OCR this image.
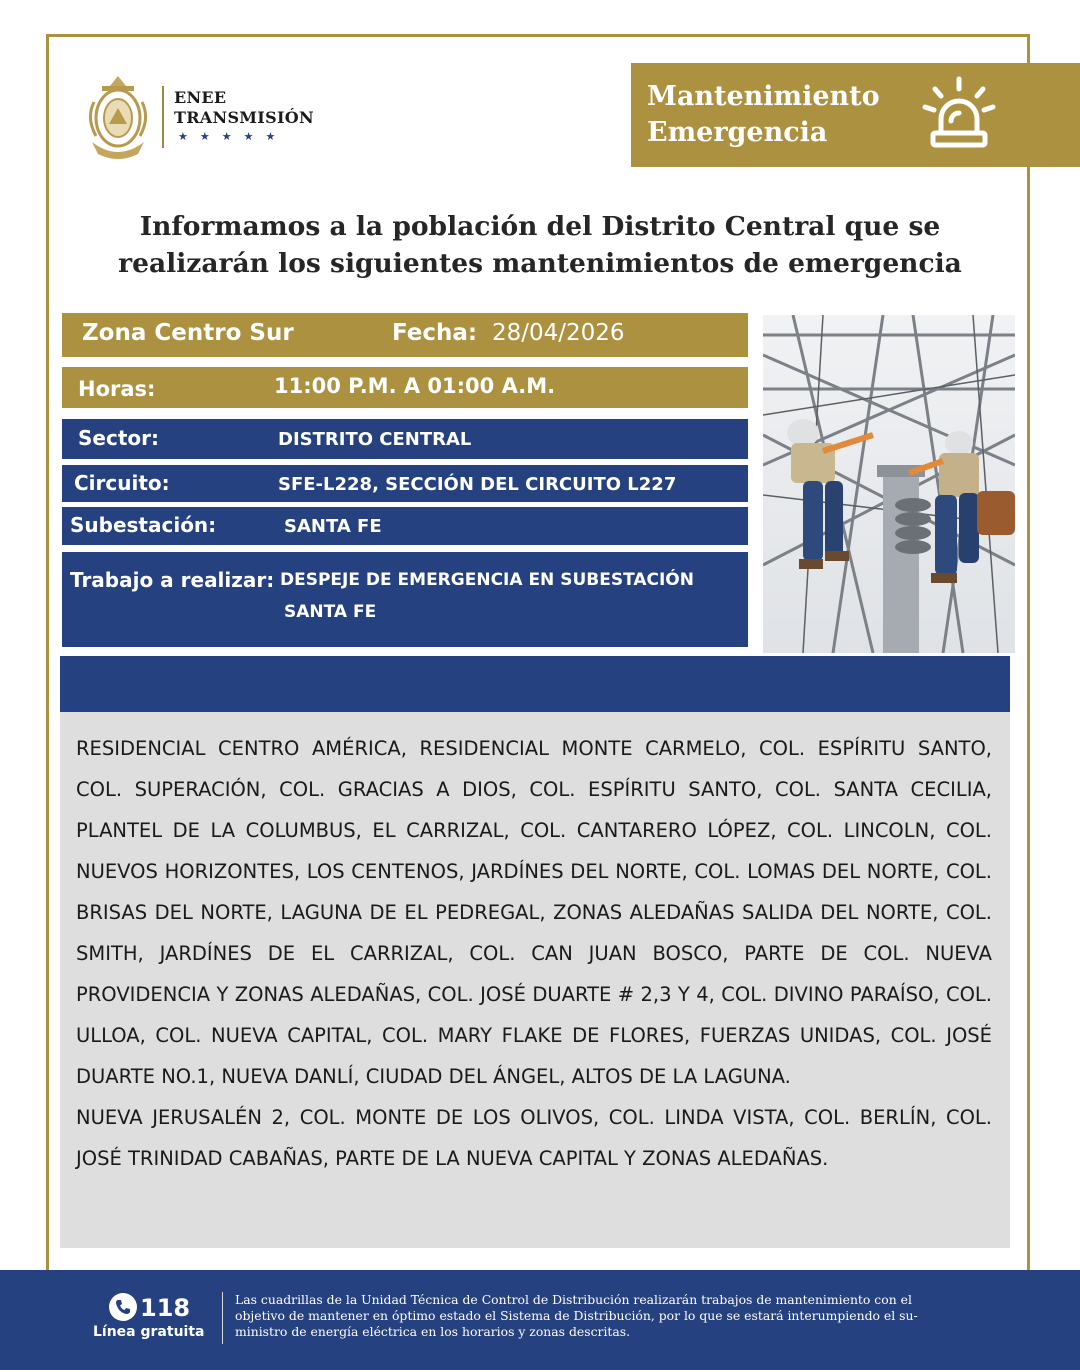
ENEE
TRANSMISIÓN
★★★★★
Mantenimiento
Emergencia
Informamos a la población del Distrito Central que se
realizarán los siguientes mantenimientos de emergencia
Zona Centro Sur	Fecha: 28/04/2026
Horas:	11:00 P.M. A 01:00 A.M.
Sector:	DISTRITO CENTRAL
Circuito:	SFE-L228, SECCIÓN DEL CIRCUITO L227
Subestación:	SANTA FE
Trabajo a realizar: DESPEJE DE EMERGENCIA EN SUBESTACIÓN
SANTA FE

RESIDENCIAL CENTRO AMÉRICA, RESIDENCIAL MONTE CARMELO, COL. ESPÍRITU SANTO, COL. SUPERACIÓN, COL. GRACIAS A DIOS, COL. ESPÍRITU SANTO, COL. SANTA CECILIA, PLANTEL DE LA COLUMBUS, EL CARRIZAL, COL. CANTARERO LÓPEZ, COL. LINCOLN, COL. NUEVOS HORIZONTES, LOS CENTENOS, JARDÍNES DEL NORTE, COL. LOMAS DEL NORTE, COL. BRISAS DEL NORTE, LAGUNA DE EL PEDREGAL, ZONAS ALEDAÑAS SALIDA DEL NORTE, COL. SMITH, JARDÍNES DE EL CARRIZAL, COL. CAN JUAN BOSCO, PARTE DE COL. NUEVA PROVIDENCIA Y ZONAS ALEDAÑAS, COL. JOSÉ DUARTE # 2,3 Y 4, COL. DIVINO PARAÍSO, COL. ULLOA, COL. NUEVA CAPITAL, COL. MARY FLAKE DE FLORES, FUERZAS UNIDAS, COL. JOSÉ DUARTE NO.1, NUEVA DANLÍ, CIUDAD DEL ÁNGEL, ALTOS DE LA LAGUNA.

NUEVA JERUSALÉN 2, COL. MONTE DE LOS OLIVOS, COL. LINDA VISTA, COL. BERLÍN, COL. JOSÉ TRINIDAD CABAÑAS, PARTE DE LA NUEVA CAPITAL Y ZONAS ALEDAÑAS.

118
Línea gratuita
Las cuadrillas de la Unidad Técnica de Control de Distribución realizarán trabajos de mantenimiento con el
objetivo de mantener en óptimo estado el Sistema de Distribución, por lo que se estará interumpiendo el su-
ministro de energía eléctrica en los horarios y zonas descritas.
